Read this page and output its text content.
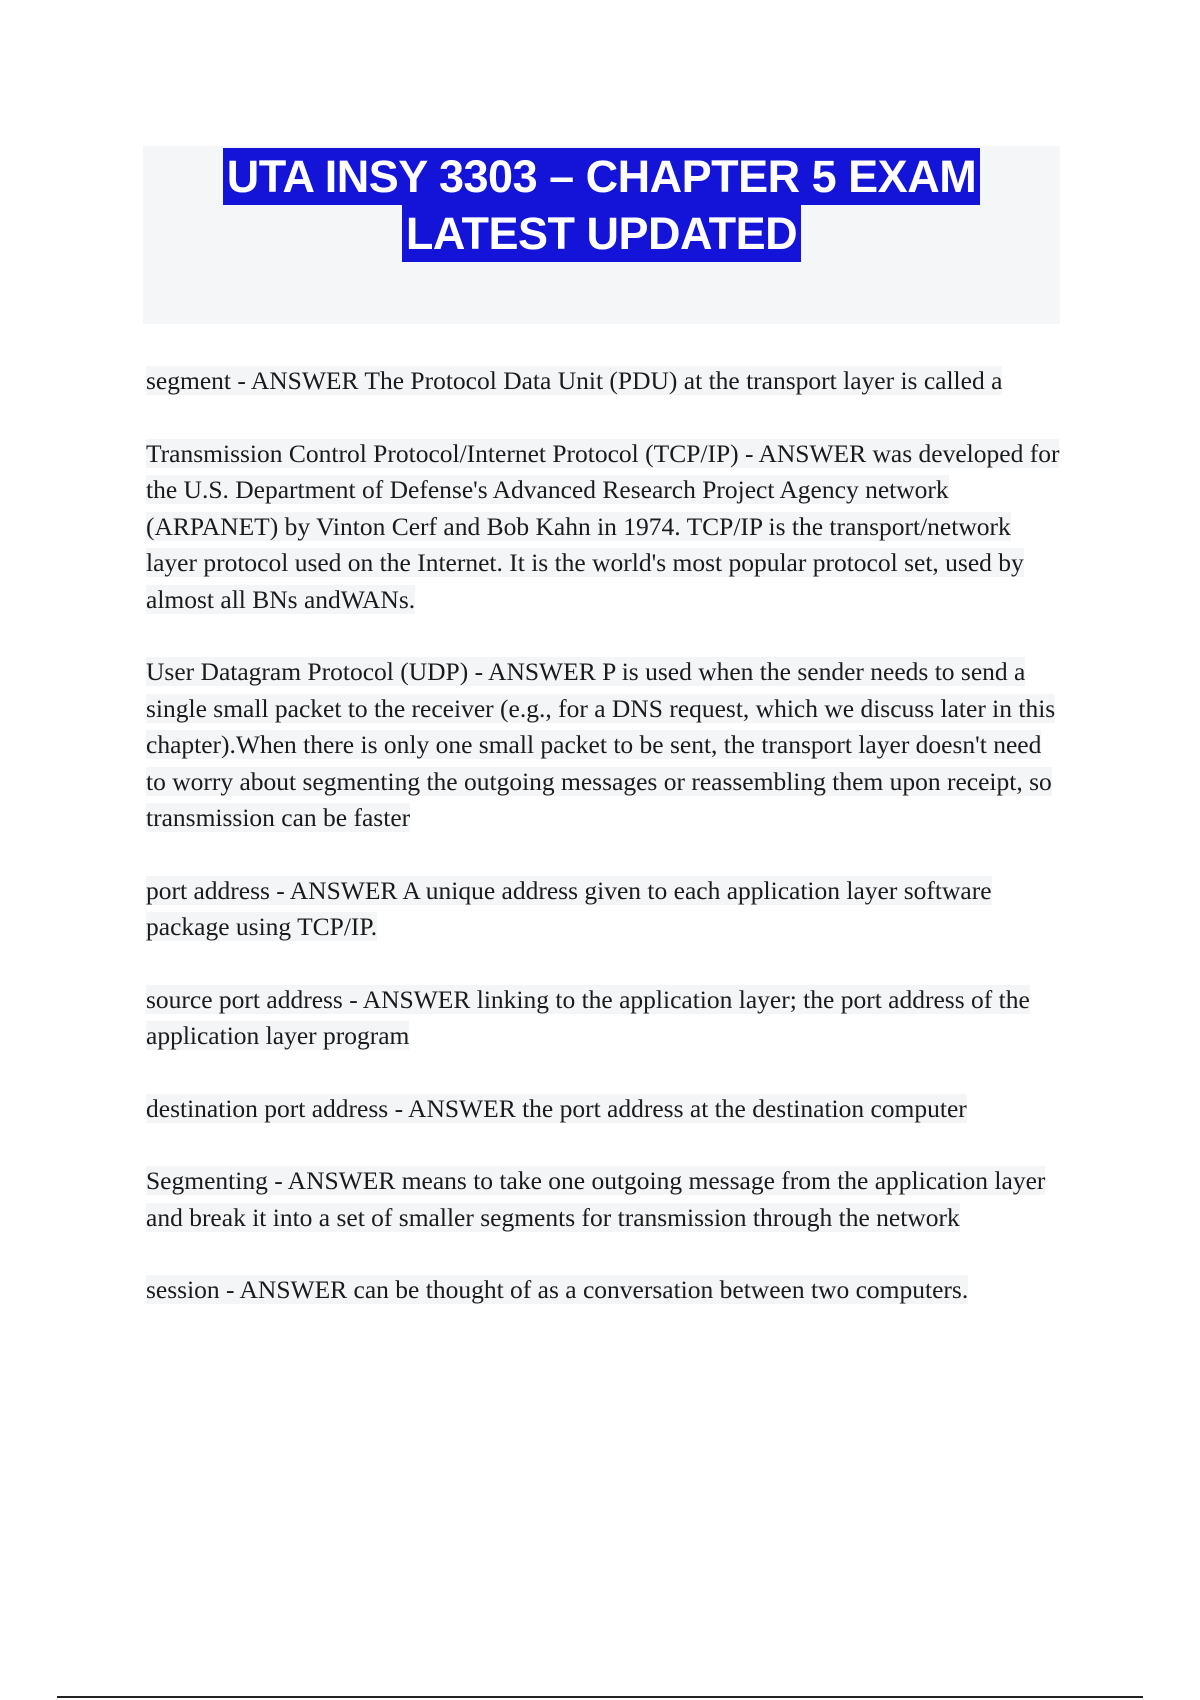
UTA INSY 3303 – CHAPTER 5 EXAM
LATEST UPDATED

segment - ANSWER The Protocol Data Unit (PDU) at the transport layer is called a

Transmission Control Protocol/Internet Protocol (TCP/IP) - ANSWER was developed for the U.S. Department of Defense's Advanced Research Project Agency network (ARPANET) by Vinton Cerf and Bob Kahn in 1974. TCP/IP is the transport/network layer protocol used on the Internet. It is the world's most popular protocol set, used by almost all BNs andWANs.

User Datagram Protocol (UDP) - ANSWER P is used when the sender needs to send a single small packet to the receiver (e.g., for a DNS request, which we discuss later in this chapter).When there is only one small packet to be sent, the transport layer doesn't need to worry about segmenting the outgoing messages or reassembling them upon receipt, so transmission can be faster

port address - ANSWER A unique address given to each application layer software package using TCP/IP.

source port address - ANSWER linking to the application layer; the port address of the application layer program

destination port address - ANSWER the port address at the destination computer

Segmenting - ANSWER means to take one outgoing message from the application layer and break it into a set of smaller segments for transmission through the network

session - ANSWER can be thought of as a conversation between two computers.
